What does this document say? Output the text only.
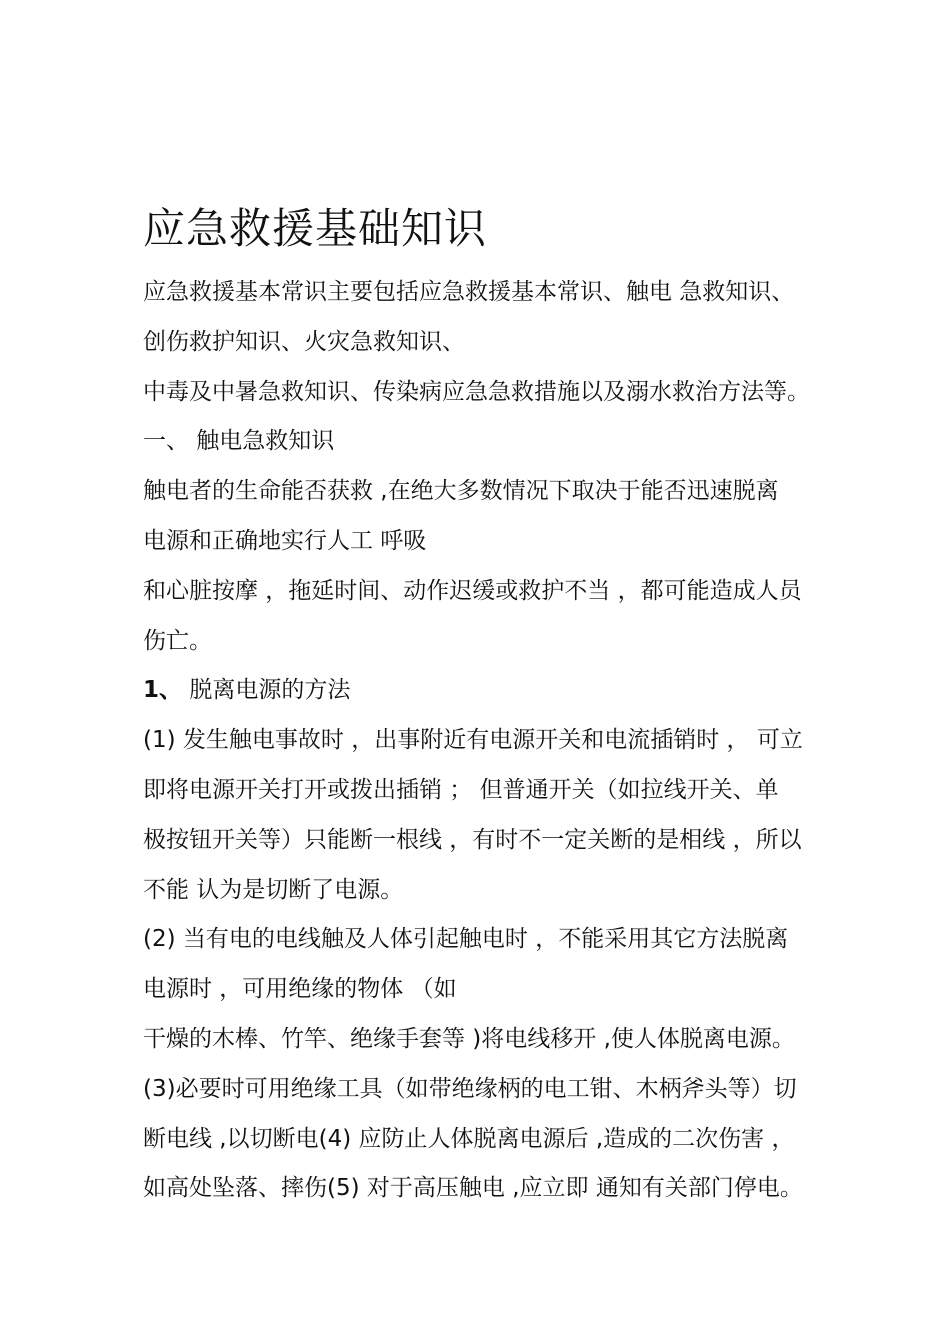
应急救援基础知识

应急救援基本常识主要包括应急救援基本常识、触电 急救知识、

创伤救护知识、火灾急救知识、

中毒及中暑急救知识、传染病应急急救措施以及溺水救治方法等。

一、 触电急救知识

触电者的生命能否获救 ,在绝大多数情况下取决于能否迅速脱离

电源和正确地实行人工 呼吸

和心脏按摩 ，拖延时间、动作迟缓或救护不当 ，都可能造成人员

伤亡。

1、 脱离电源的方法

(1) 发生触电事故时 ，出事附近有电源开关和电流插销时 ， 可立

即将电源开关打开或拨出插销 ； 但普通开关（如拉线开关、单

极按钮开关等）只能断一根线 ，有时不一定关断的是相线 ，所以

不能 认为是切断了电源。

(2) 当有电的电线触及人体引起触电时 ，不能采用其它方法脱离

电源时 ，可用绝缘的物体 （如

干燥的木棒、竹竿、绝缘手套等 )将电线移开 ,使人体脱离电源。

(3)必要时可用绝缘工具（如带绝缘柄的电工钳、木柄斧头等）切

断电线 ,以切断电(4) 应防止人体脱离电源后 ,造成的二次伤害 ，

如高处坠落、摔伤(5) 对于高压触电 ,应立即 通知有关部门停电。
